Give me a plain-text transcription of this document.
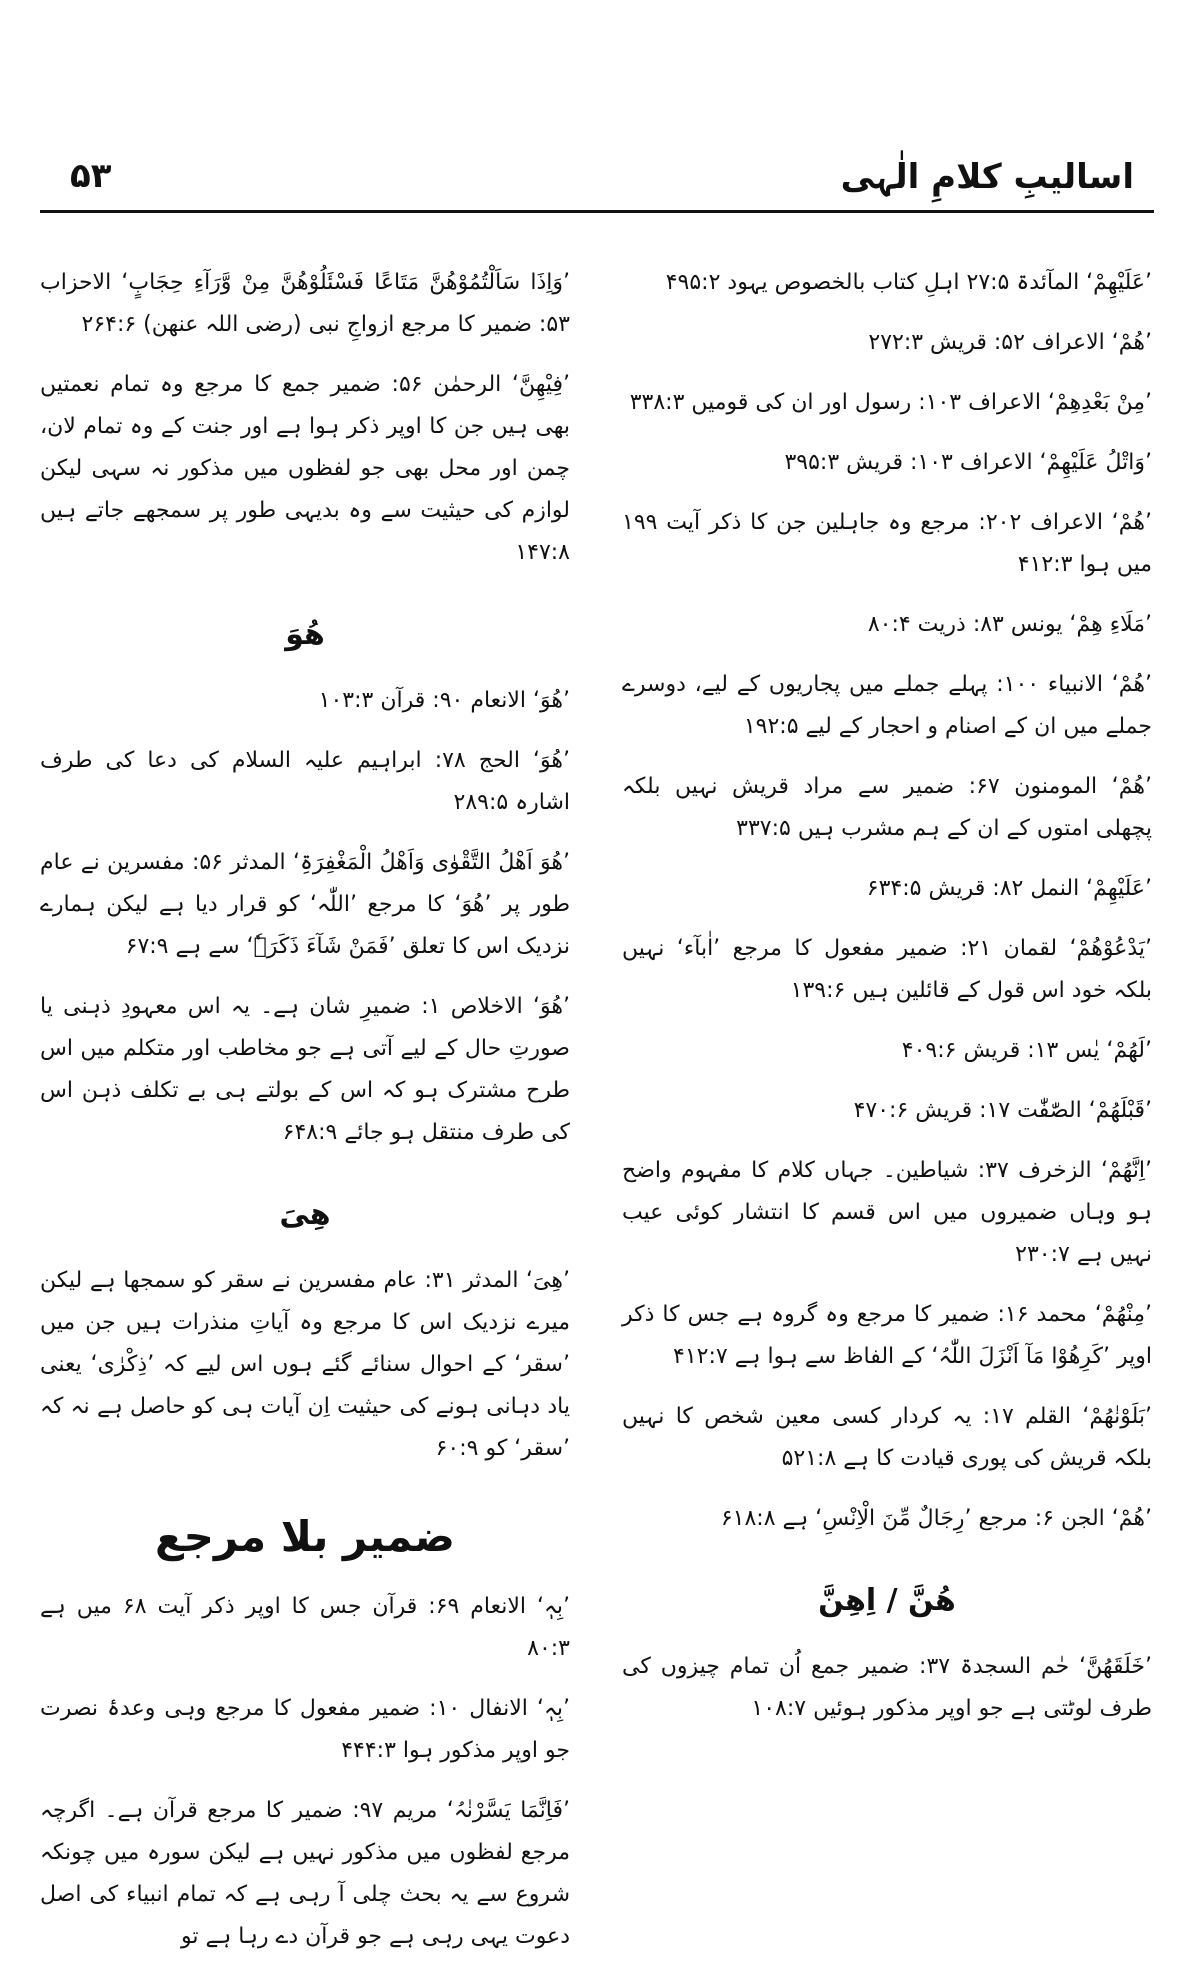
اسالیبِ کلامِ الٰہی
۵۳

’عَلَیْھِمْ‘ المآئدۃ ۲۷:۵ اہلِ کتاب بالخصوص یہود ۴۹۵:۲

’ھُمْ‘ الاعراف ۵۲: قریش ۲۷۲:۳

’مِنْ بَعْدِھِمْ‘ الاعراف ۱۰۳: رسول اور ان کی قومیں ۳۳۸:۳

’وَاتْلُ عَلَیْھِمْ‘ الاعراف ۱۰۳: قریش ۳۹۵:۳

’ھُمْ‘ الاعراف ۲۰۲: مرجع وہ جاہلین جن کا ذکر آیت ۱۹۹ میں ہوا ۴۱۲:۳

’مَلَاءِ ھِمْ‘ یونس ۸۳: ذریت ۸۰:۴

’ھُمْ‘ الانبیاء ۱۰۰: پہلے جملے میں پجاریوں کے لیے، دوسرے جملے میں ان کے اصنام و احجار کے لیے ۱۹۲:۵

’ھُمْ‘ المومنون ۶۷: ضمیر سے مراد قریش نہیں بلکہ پچھلی امتوں کے ان کے ہم مشرب ہیں ۳۳۷:۵

’عَلَیْھِمْ‘ النمل ۸۲: قریش ۶۳۴:۵

’یَدْعُوْھُمْ‘ لقمان ۲۱: ضمیر مفعول کا مرجع ’اٰبآء‘ نہیں بلکہ خود اس قول کے قائلین ہیں ۱۳۹:۶

’لَھُمْ‘ یٰس ۱۳: قریش ۴۰۹:۶

’قَبْلَھُمْ‘ الصّٰفّٰت ۱۷: قریش ۴۷۰:۶

’اِنَّھُمْ‘ الزخرف ۳۷: شیاطین۔ جہاں کلام کا مفہوم واضح ہو وہاں ضمیروں میں اس قسم کا انتشار کوئی عیب نہیں ہے ۲۳۰:۷

’مِنْھُمْ‘ محمد ۱۶: ضمیر کا مرجع وہ گروہ ہے جس کا ذکر اوپر ’کَرِھُوْا مَآ اَنْزَلَ اللّٰہُ‘ کے الفاظ سے ہوا ہے ۴۱۲:۷

’بَلَوْنٰھُمْ‘ القلم ۱۷: یہ کردار کسی معین شخص کا نہیں بلکہ قریش کی پوری قیادت کا ہے ۵۲۱:۸

’ھُمْ‘ الجن ۶: مرجع ’رِجَالٌ مِّنَ الْاِنْسِ‘ ہے ۶۱۸:۸

ھُنَّ / اِھِنَّ

’خَلَقَھُنَّ‘ حٰم السجدۃ ۳۷: ضمیر جمع اُن تمام چیزوں کی طرف لوٹتی ہے جو اوپر مذکور ہوئیں ۱۰۸:۷

’وَاِذَا سَاَلْتُمُوْھُنَّ مَتَاعًا فَسْئَلُوْھُنَّ مِنْ وَّرَآءِ حِجَابٍ‘ الاحزاب ۵۳: ضمیر کا مرجع ازواجِ نبی (رضی اللہ عنھن) ۲۶۴:۶

’فِیْھِنَّ‘ الرحمٰن ۵۶: ضمیر جمع کا مرجع وہ تمام نعمتیں بھی ہیں جن کا اوپر ذکر ہوا ہے اور جنت کے وہ تمام لان، چمن اور محل بھی جو لفظوں میں مذکور نہ سہی لیکن لوازم کی حیثیت سے وہ بدیہی طور پر سمجھے جاتے ہیں ۱۴۷:۸

ھُوَ

’ھُوَ‘ الانعام ۹۰: قرآن ۱۰۳:۳

’ھُوَ‘ الحج ۷۸: ابراہیم علیہ السلام کی دعا کی طرف اشارہ ۲۸۹:۵

’ھُوَ اَھْلُ التَّقْوٰی وَاَھْلُ الْمَغْفِرَۃِ‘ المدثر ۵۶: مفسرین نے عام طور پر ’ھُوَ‘ کا مرجع ’اللّٰہ‘ کو قرار دیا ہے لیکن ہمارے نزدیک اس کا تعلق ’فَمَنْ شَآءَ ذَکَرَہٗ‘ سے ہے ۶۷:۹

’ھُوَ‘ الاخلاص ۱: ضمیرِ شان ہے۔ یہ اس معہودِ ذہنی یا صورتِ حال کے لیے آتی ہے جو مخاطب اور متکلم میں اس طرح مشترک ہو کہ اس کے بولتے ہی بے تکلف ذہن اس کی طرف منتقل ہو جائے ۶۴۸:۹

ھِیَ

’ھِیَ‘ المدثر ۳۱: عام مفسرین نے سقر کو سمجھا ہے لیکن میرے نزدیک اس کا مرجع وہ آیاتِ منذرات ہیں جن میں ’سقر‘ کے احوال سنائے گئے ہوں اس لیے کہ ’ذِکْرٰی‘ یعنی یاد دہانی ہونے کی حیثیت اِن آیات ہی کو حاصل ہے نہ کہ ’سقر‘ کو ۶۰:۹

ضمیر بلا مرجع

’بِہٖ‘ الانعام ۶۹: قرآن جس کا اوپر ذکر آیت ۶۸ میں ہے ۸۰:۳

’بِہٖ‘ الانفال ۱۰: ضمیر مفعول کا مرجع وہی وعدۂ نصرت جو اوپر مذکور ہوا ۴۴۴:۳

’فَاِنَّمَا یَسَّرْنٰہُ‘ مریم ۹۷: ضمیر کا مرجع قرآن ہے۔ اگرچہ مرجع لفظوں میں مذکور نہیں ہے لیکن سورہ میں چونکہ شروع سے یہ بحث چلی آ رہی ہے کہ تمام انبیاء کی اصل دعوت یہی رہی ہے جو قرآن دے رہا ہے تو
